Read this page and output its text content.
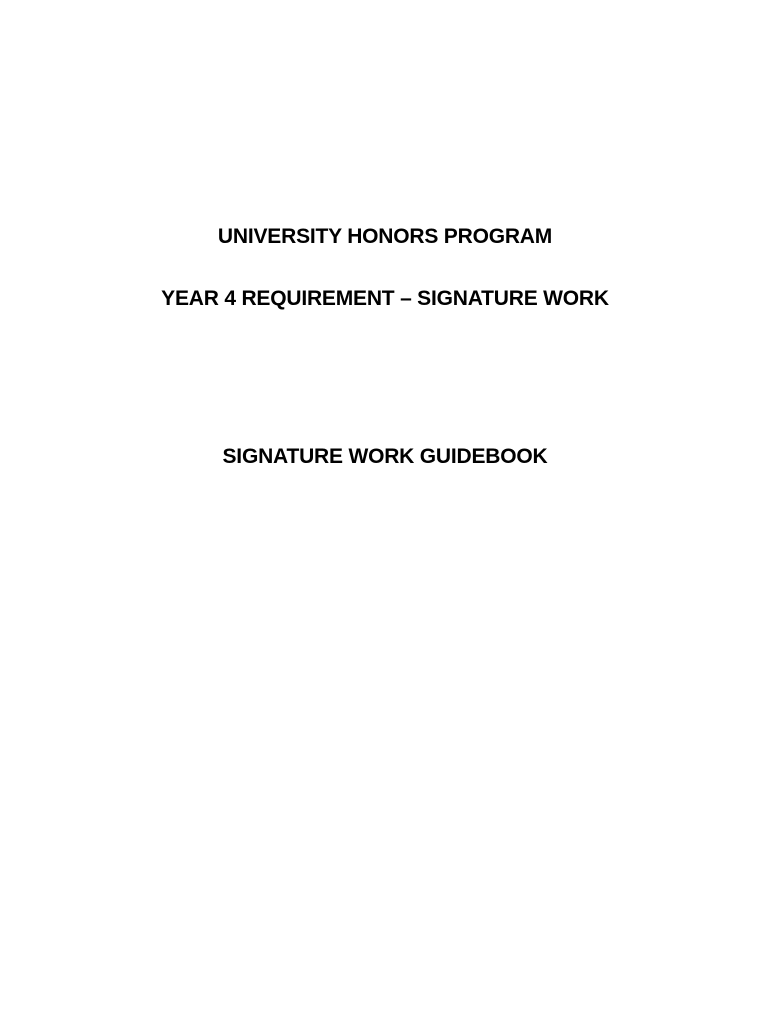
UNIVERSITY HONORS PROGRAM
YEAR 4 REQUIREMENT – SIGNATURE WORK
SIGNATURE WORK GUIDEBOOK
